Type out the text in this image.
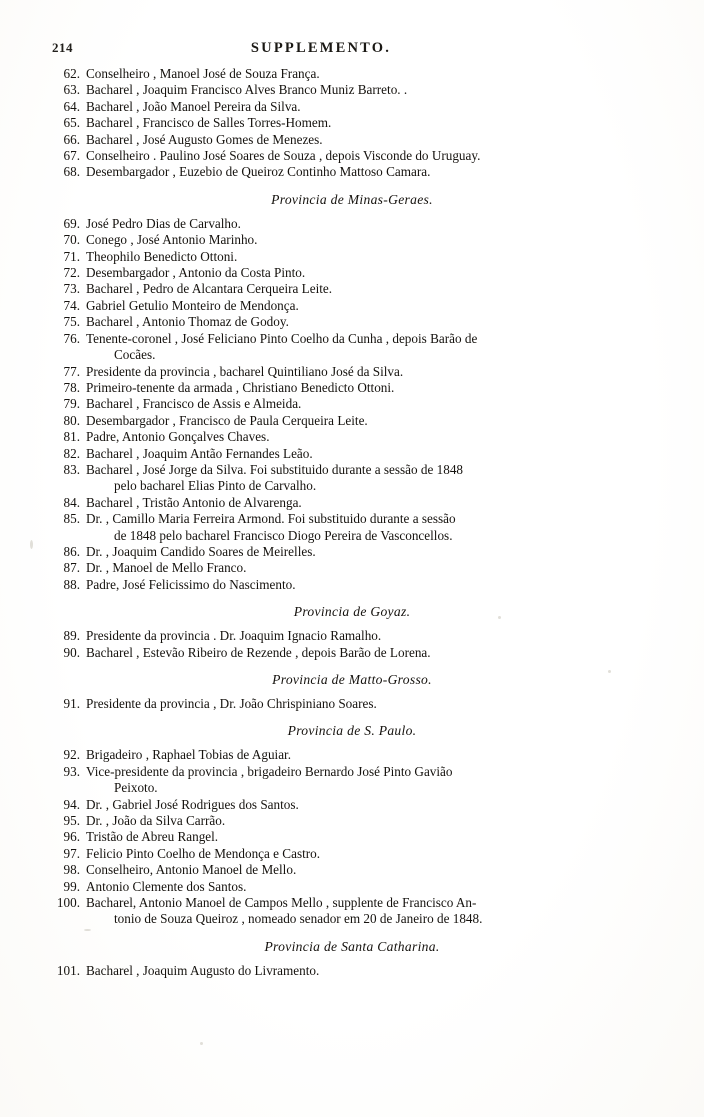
214	SUPPLEMENTO.
62. Conselheiro , Manoel José de Souza França.
63. Bacharel , Joaquim Francisco Alves Branco Muniz Barreto. .
64. Bacharel , João Manoel Pereira da Silva.
65. Bacharel , Francisco de Salles Torres-Homem.
66. Bacharel , José Augusto Gomes de Menezes.
67. Conselheiro . Paulino José Soares de Souza , depois Visconde do Uruguay.
68. Desembargador , Euzebio de Queiroz Continho Mattoso Camara.
Provincia de Minas-Geraes.
69. José Pedro Dias de Carvalho.
70. Conego , José Antonio Marinho.
71. Theophilo Benedicto Ottoni.
72. Desembargador , Antonio da Costa Pinto.
73. Bacharel , Pedro de Alcantara Cerqueira Leite.
74. Gabriel Getulio Monteiro de Mendonça.
75. Bacharel , Antonio Thomaz de Godoy.
76. Tenente-coronel , José Feliciano Pinto Coelho da Cunha , depois Barão de
Cocães.
77. Presidente da provincia , bacharel Quintiliano José da Silva.
78. Primeiro-tenente da armada , Christiano Benedicto Ottoni.
79. Bacharel , Francisco de Assis e Almeida.
80. Desembargador , Francisco de Paula Cerqueira Leite.
81. Padre, Antonio Gonçalves Chaves.
82. Bacharel , Joaquim Antão Fernandes Leão.
83. Bacharel , José Jorge da Silva. Foi substituido durante a sessão de 1848
pelo bacharel Elias Pinto de Carvalho.
84. Bacharel , Tristão Antonio de Alvarenga.
85. Dr. , Camillo Maria Ferreira Armond. Foi substituido durante a sessão
de 1848 pelo bacharel Francisco Diogo Pereira de Vasconcellos.
86. Dr. , Joaquim Candido Soares de Meirelles.
87. Dr. , Manoel de Mello Franco.
88. Padre, José Felicissimo do Nascimento.
Provincia de Goyaz.
89. Presidente da provincia . Dr. Joaquim Ignacio Ramalho.
90. Bacharel , Estevão Ribeiro de Rezende , depois Barão de Lorena.
Provincia de Matto-Grosso.
91. Presidente da provincia , Dr. João Chrispiniano Soares.
Provincia de S. Paulo.
92. Brigadeiro , Raphael Tobias de Aguiar.
93. Vice-presidente da provincia , brigadeiro Bernardo José Pinto Gavião
Peixoto.
94. Dr. , Gabriel José Rodrigues dos Santos.
95. Dr. , João da Silva Carrão.
96. Tristão de Abreu Rangel.
97. Felicio Pinto Coelho de Mendonça e Castro.
98. Conselheiro, Antonio Manoel de Mello.
99. Antonio Clemente dos Santos.
100. Bacharel, Antonio Manoel de Campos Mello , supplente de Francisco An-
tonio de Souza Queiroz , nomeado senador em 20 de Janeiro de 1848.
Provincia de Santa Catharina.
101. Bacharel , Joaquim Augusto do Livramento.
